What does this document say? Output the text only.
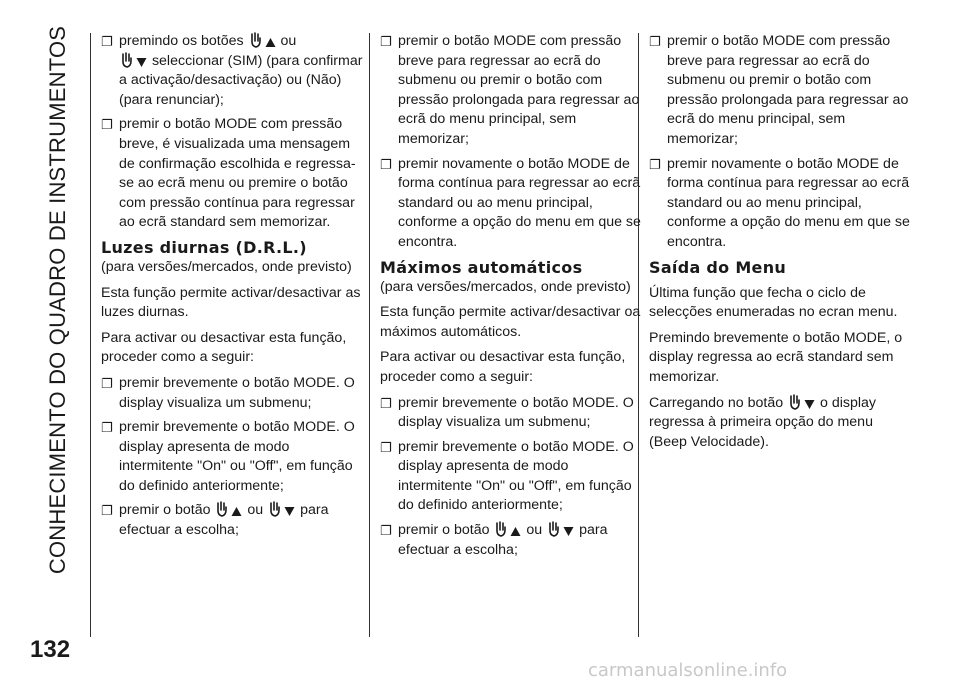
CONHECIMENTO DO QUADRO DE INSTRUMENTOS
132
❐ premindo os botões	ou

seleccionar (SIM) (para confirmar a activação/desactivação) ou (Não) (para renunciar);
❐ premir o botão MODE com pressão breve, é visualizada uma mensagem de confirmação escolhida e regressa-se ao ecrã menu ou premire o botão com pressão contínua para regressar ao ecrã standard sem memorizar.
Luzes diurnas (D.R.L.)

(para versões/mercados, onde previsto)

Esta função permite activar/desactivar as luzes diurnas.

Para activar ou desactivar esta função, proceder como a seguir:

❐ premir brevemente o botão MODE. O display visualiza um submenu;
❐ premir brevemente o botão MODE. O display apresenta de modo intermitente "On" ou "Off", em função do definido anteriormente;
❐ premir o botão	ou	para efectuar a escolha;
❐ premir o botão MODE com pressão breve para regressar ao ecrã do submenu ou premir o botão com pressão prolongada para regressar ao ecrã do menu principal, sem memorizar;
❐ premir novamente o botão MODE de forma contínua para regressar ao ecrã standard ou ao menu principal, conforme a opção do menu em que se encontra.
Máximos automáticos

(para versões/mercados, onde previsto)

Esta função permite activar/desactivar oa máximos automáticos.

Para activar ou desactivar esta função, proceder como a seguir:

❐ premir brevemente o botão MODE. O display visualiza um submenu;
❐ premir brevemente o botão MODE. O display apresenta de modo intermitente "On" ou "Off", em função do definido anteriormente;
❐ premir o botão	ou	para efectuar a escolha;
❐ premir o botão MODE com pressão breve para regressar ao ecrã do submenu ou premir o botão com pressão prolongada para regressar ao ecrã do menu principal, sem memorizar;
❐ premir novamente o botão MODE de forma contínua para regressar ao ecrã standard ou ao menu principal, conforme a opção do menu em que se encontra.
Saída do Menu

Última função que fecha o ciclo de selecções enumeradas no ecran menu.

Premindo brevemente o botão MODE, o display regressa ao ecrã standard sem memorizar.

Carregando no botão	o display regressa à primeira opção do menu (Beep Velocidade).

carmanualsonline.info
